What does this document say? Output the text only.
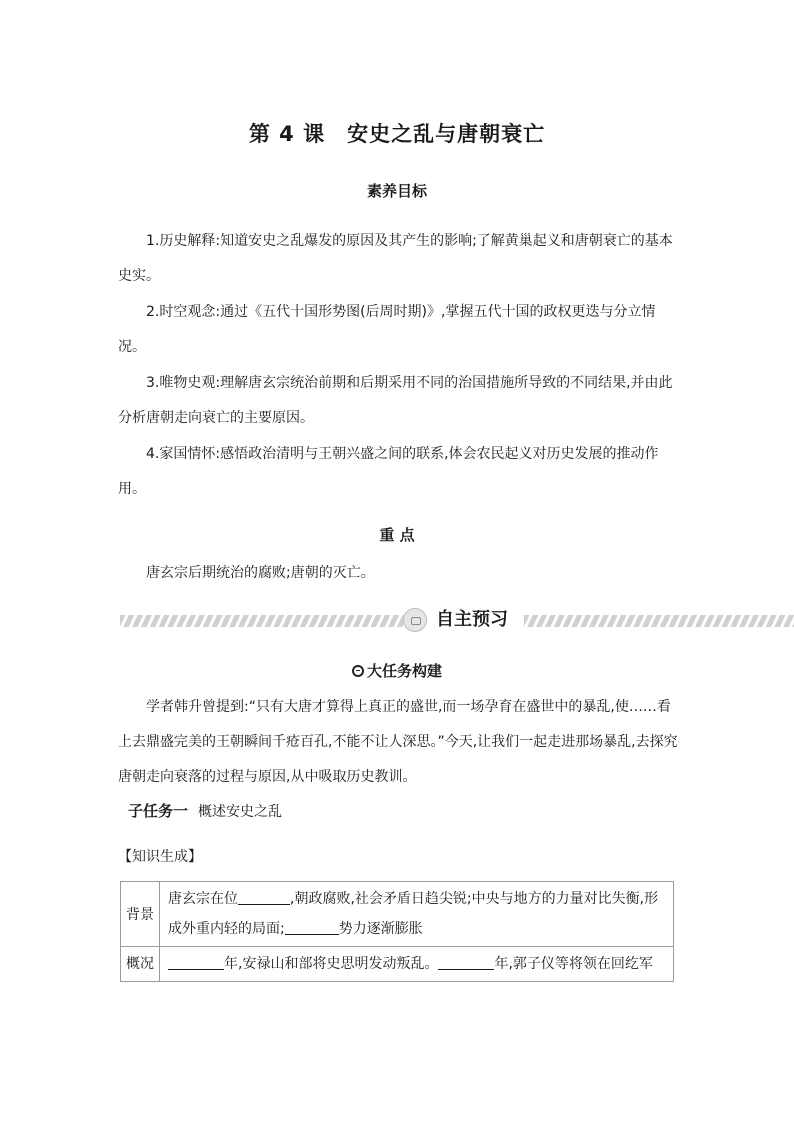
第 4 课　安史之乱与唐朝衰亡
素养目标

1.历史解释:知道安史之乱爆发的原因及其产生的影响;了解黄巢起义和唐朝衰亡的基本史实。

2.时空观念:通过《五代十国形势图(后周时期)》,掌握五代十国的政权更迭与分立情况。

3.唯物史观:理解唐玄宗统治前期和后期采用不同的治国措施所导致的不同结果,并由此分析唐朝走向衰亡的主要原因。

4.家国情怀:感悟政治清明与王朝兴盛之间的联系,体会农民起义对历史发展的推动作用。

重 点

唐玄宗后期统治的腐败;唐朝的灭亡。

自主预习
大任务构建

学者韩升曾提到:“只有大唐才算得上真正的盛世,而一场孕育在盛世中的暴乱,使……看上去鼎盛完美的王朝瞬间千疮百孔,不能不让人深思。”今天,让我们一起走进那场暴乱,去探究唐朝走向衰落的过程与原因,从中吸取历史教训。

子任务一 概述安史之乱
【知识生成】
背景	唐玄宗在位 ,朝政腐败,社会矛盾日趋尖锐;中央与地方的力量对比失衡,形成外重内轻的局面; 势力逐渐膨胀
概况	年,安禄山和部将史思明发动叛乱。 年,郭子仪等将领在回纥军
